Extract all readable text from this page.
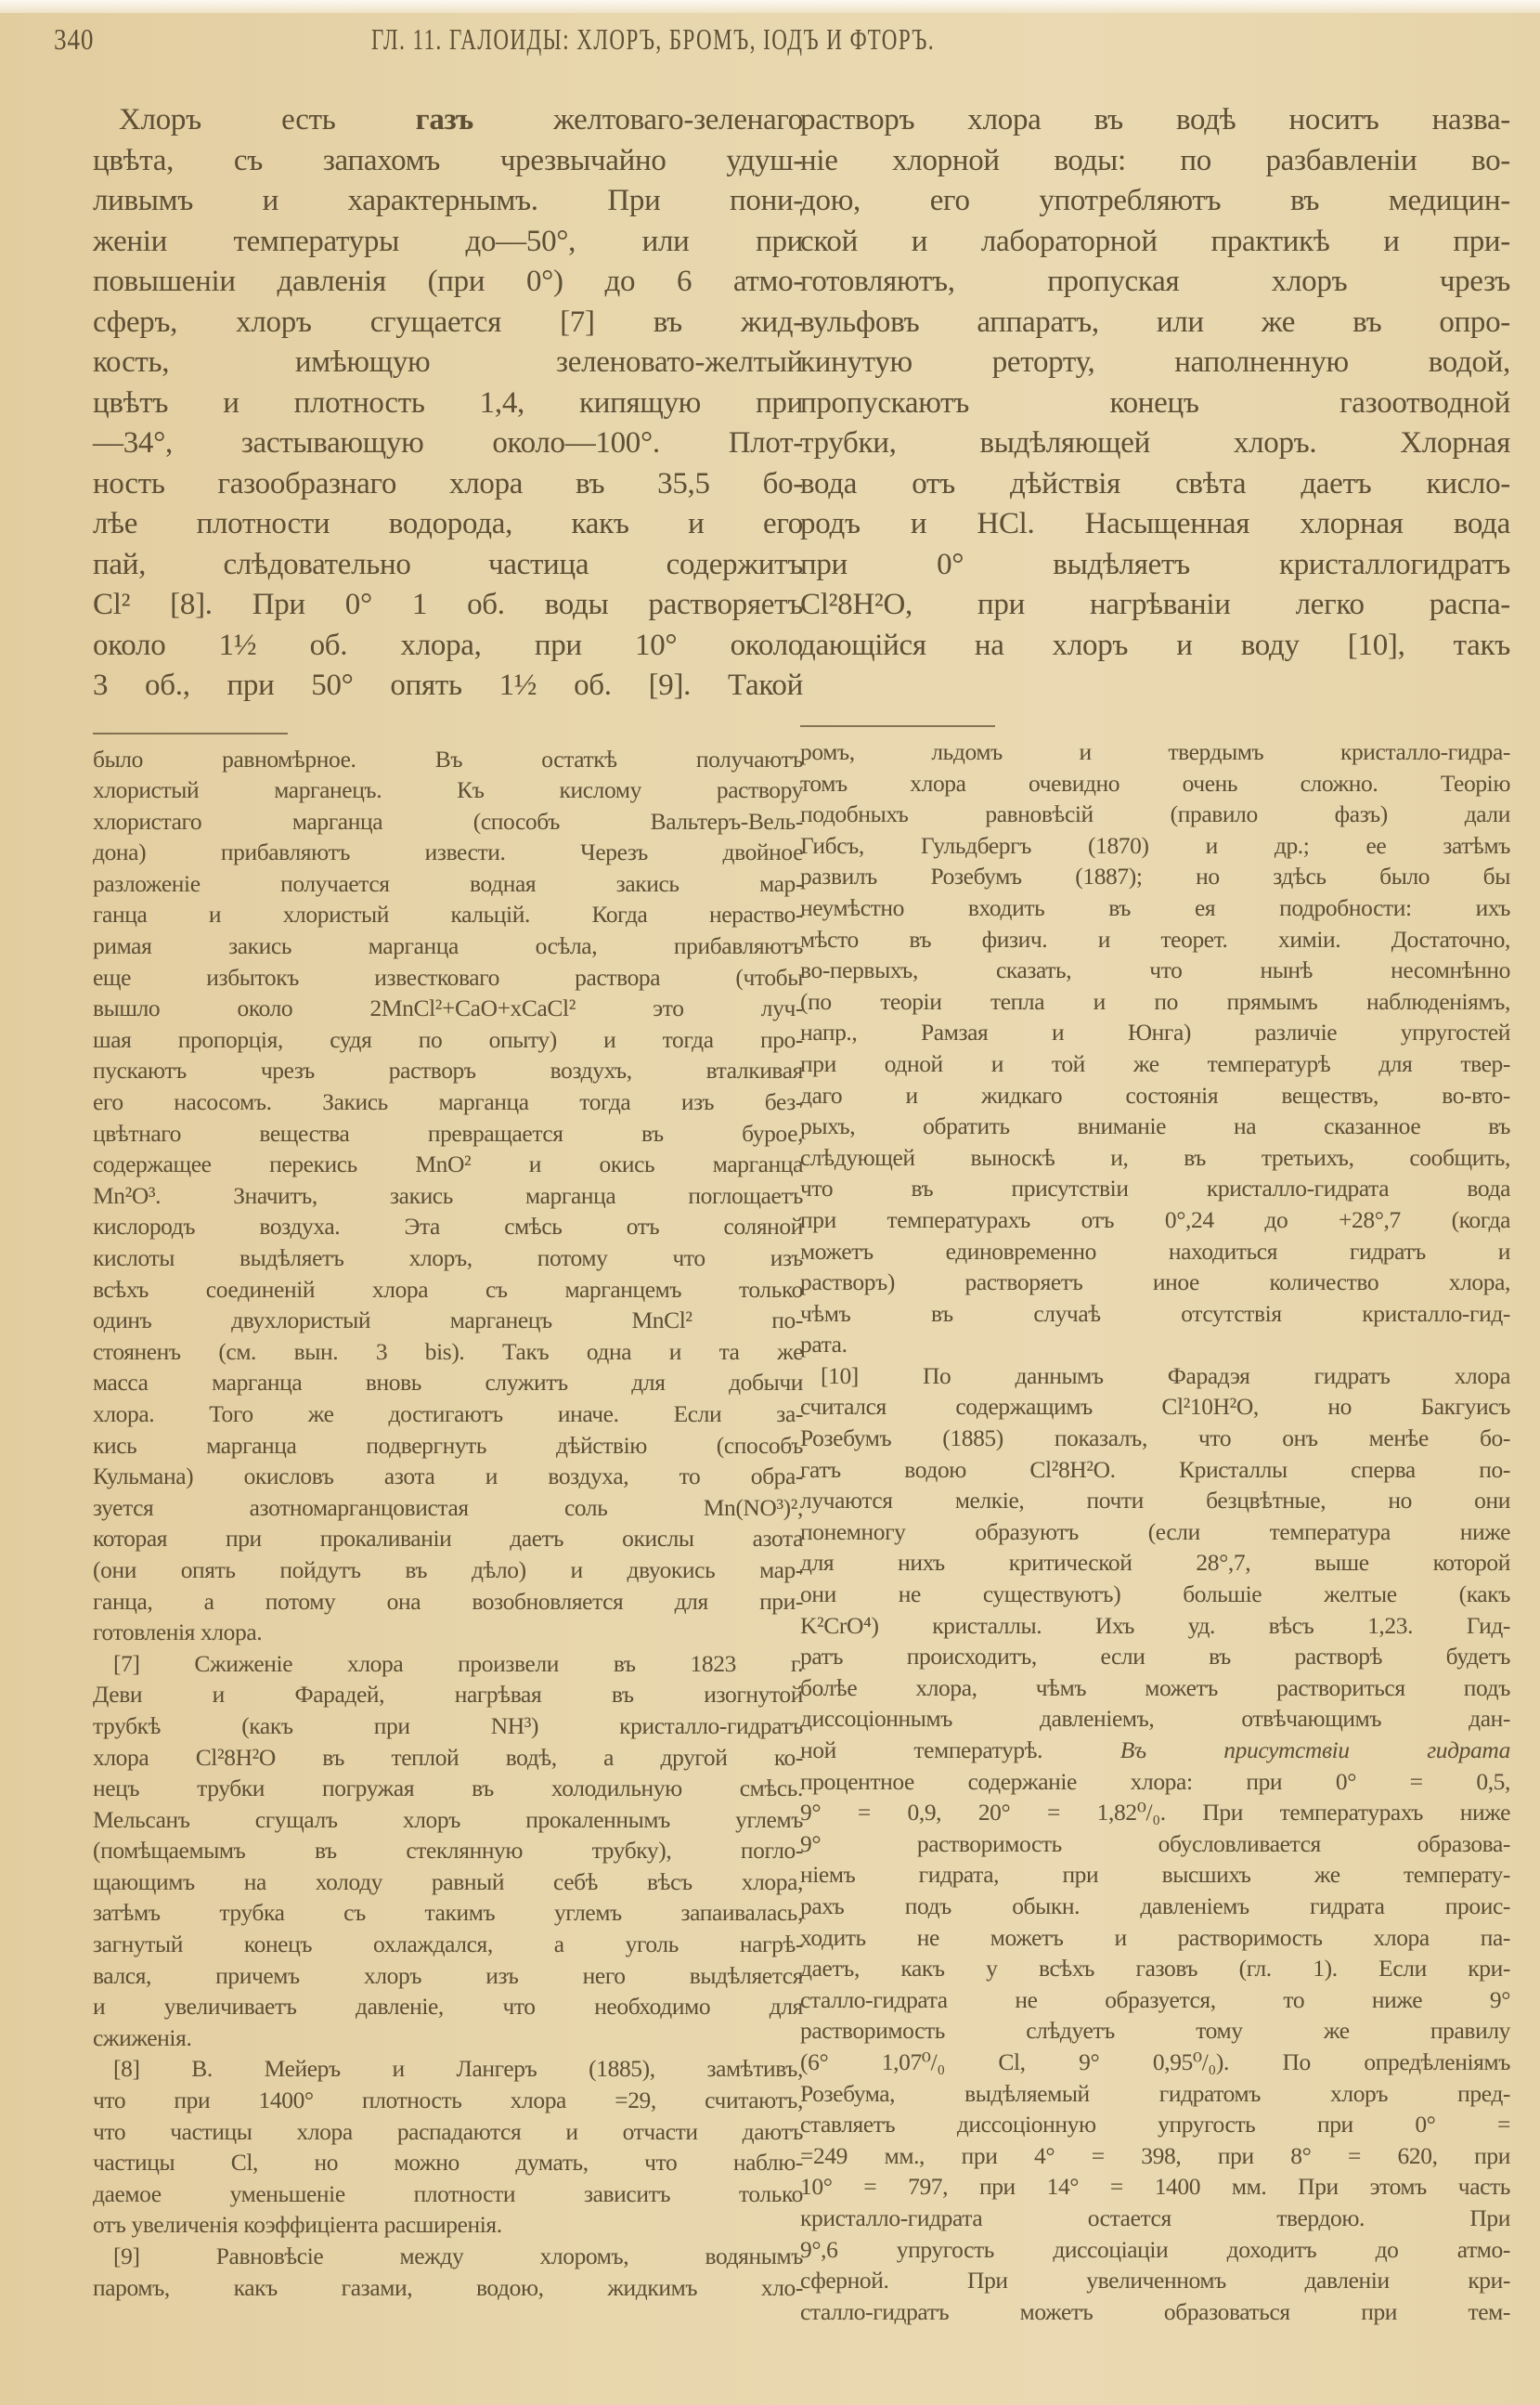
340	ГЛ. 11. ГАЛОИДЫ: ХЛОРЪ, БРОМЪ, ІОДЪ И ФТОРЪ.
Хлоръ есть газъ желтоваго-зеленаго
цвѣта, съ запахомъ чрезвычайно удуш-
ливымъ и характернымъ. При пони-
женіи температуры до—50°, или при
повышеніи давленія (при 0°) до 6 атмо-
сферъ, хлоръ сгущается [7] въ жид-
кость, имѣющую зеленовато-желтый
цвѣтъ и плотность 1,4, кипящую при
—34°, застывающую около—100°. Плот-
ность газообразнаго хлора въ 35,5 бо-
лѣе плотности водорода, какъ и его
пай, слѣдовательно частица содержитъ
Cl² [8]. При 0° 1 об. воды растворяетъ
около 1½ об. хлора, при 10° около
3 об., при 50° опять 1½ об. [9]. Такой
было равномѣрное. Въ остаткѣ получаютъ
хлористый марганецъ. Къ кислому раствору
хлористаго марганца (способъ Вальтеръ-Вель-
дона) прибавляютъ извести. Черезъ двойное
разложеніе получается водная закись мар-
ганца и хлористый кальцій. Когда нераство-
римая закись марганца осѣла, прибавляютъ
еще избытокъ известковаго раствора (чтобы
вышло около 2MnCl²+CaO+xCaCl² это луч-
шая пропорція, судя по опыту) и тогда про-
пускаютъ чрезъ растворъ воздухъ, вталкивая
его насосомъ. Закись марганца тогда изъ без-
цвѣтнаго вещества превращается въ бурое,
содержащее перекись MnO² и окись марганца
Mn²O³. Значитъ, закись марганца поглощаетъ
кислородъ воздуха. Эта смѣсь отъ соляной
кислоты выдѣляетъ хлоръ, потому что изъ
всѣхъ соединеній хлора съ марганцемъ только
одинъ двухлористый марганецъ MnCl² по-
стояненъ (см. вын. 3 bis). Такъ одна и та же
масса марганца вновь служитъ для добычи
хлора. Того же достигаютъ иначе. Если за-
кись марганца подвергнуть дѣйствію (способъ
Кульмана) окисловъ азота и воздуха, то обра-
зуется азотномарганцовистая соль Mn(NO³)²,
которая при прокаливаніи даетъ окислы азота
(они опять пойдутъ въ дѣло) и двуокись мар-
ганца, а потому она возобновляется для при-
готовленія хлора.
[7] Сжиженіе хлора произвели въ 1823 г.
Деви и Фарадей, нагрѣвая въ изогнутой
трубкѣ (какъ при NH³) кристалло-гидратъ
хлора Cl²8H²O въ теплой водѣ, а другой ко-
нецъ трубки погружая въ холодильную смѣсь.
Мельсанъ сгущалъ хлоръ прокаленнымъ углемъ
(помѣщаемымъ въ стеклянную трубку), погло-
щающимъ на холоду равный себѣ вѣсъ хлора,
затѣмъ трубка съ такимъ углемъ запаивалась,
загнутый конецъ охлаждался, а уголь нагрѣ-
вался, причемъ хлоръ изъ него выдѣляется
и увеличиваетъ давленіе, что необходимо для
сжиженія.
[8] В. Мейеръ и Лангеръ (1885), замѣтивъ,
что при 1400° плотность хлора =29, считаютъ,
что частицы хлора распадаются и отчасти даютъ
частицы Cl, но можно думать, что наблю-
даемое уменьшеніе плотности зависитъ только
отъ увеличенія коэффиціента расширенія.
[9] Равновѣсіе между хлоромъ, водянымъ
паромъ, какъ газами, водою, жидкимъ хло-
растворъ хлора въ водѣ носитъ назва-
ніе хлорной воды: по разбавленіи во-
дою, его употребляютъ въ медицин-
ской и лабораторной практикѣ и при-
готовляютъ, пропуская хлоръ чрезъ
вульфовъ аппаратъ, или же въ опро-
кинутую реторту, наполненную водой,
пропускаютъ конецъ газоотводной
трубки, выдѣляющей хлоръ. Хлорная
вода отъ дѣйствія свѣта даетъ кисло-
родъ и HCl. Насыщенная хлорная вода
при 0° выдѣляетъ кристаллогидратъ
Cl²8H²O, при нагрѣваніи легко распа-
дающійся на хлоръ и воду [10], такъ
ромъ, льдомъ и твердымъ кристалло-гидра-
томъ хлора очевидно очень сложно. Теорію
подобныхъ равновѣсій (правило фазъ) дали
Гибсъ, Гульдбергъ (1870) и др.; ее затѣмъ
развилъ Розебумъ (1887); но здѣсь было бы
неумѣстно входить въ ея подробности: ихъ
мѣсто въ физич. и теорет. химіи. Достаточно,
во-первыхъ, сказать, что нынѣ несомнѣнно
(по теоріи тепла и по прямымъ наблюденіямъ,
напр., Рамзая и Юнга) различіе упругостей
при одной и той же температурѣ для твер-
даго и жидкаго состоянія веществъ, во-вто-
рыхъ, обратить вниманіе на сказанное въ
слѣдующей выноскѣ и, въ третьихъ, сообщить,
что въ присутствіи кристалло-гидрата вода
при температурахъ отъ 0°,24 до +28°,7 (когда
можетъ единовременно находиться гидратъ и
растворъ) растворяетъ иное количество хлора,
чѣмъ въ случаѣ отсутствія кристалло-гид-
рата.
[10] По даннымъ Фарадэя гидратъ хлора
считался содержащимъ Cl²10H²O, но Бакгуисъ
Розебумъ (1885) показалъ, что онъ менѣе бо-
гатъ водою Cl²8H²O. Кристаллы сперва по-
лучаются мелкіе, почти безцвѣтные, но они
понемногу образуютъ (если температура ниже
для нихъ критической 28°,7, выше которой
они не существуютъ) большіе желтые (какъ
K²CrO⁴) кристаллы. Ихъ уд. вѣсъ 1,23. Гид-
ратъ происходитъ, если въ растворѣ будетъ
болѣе хлора, чѣмъ можетъ раствориться подъ
диссоціоннымъ давленіемъ, отвѣчающимъ дан-
ной температурѣ. Въ присутствіи гидрата
процентное содержаніе хлора: при 0° = 0,5,
9° = 0,9, 20° = 1,82⁰/₀. При температурахъ ниже
9° растворимость обусловливается образова-
ніемъ гидрата, при высшихъ же температу-
рахъ подъ обыкн. давленіемъ гидрата проис-
ходить не можетъ и растворимость хлора па-
даетъ, какъ у всѣхъ газовъ (гл. 1). Если кри-
сталло-гидрата не образуется, то ниже 9°
растворимость слѣдуетъ тому же правилу
(6° 1,07⁰/₀ Cl, 9° 0,95⁰/₀). По опредѣленіямъ
Розебума, выдѣляемый гидратомъ хлоръ пред-
ставляетъ диссоціонную упругость при 0° =
=249 мм., при 4° = 398, при 8° = 620, при
10° = 797, при 14° = 1400 мм. При этомъ часть
кристалло-гидрата остается твердою. При
9°,6 упругость диссоціаціи доходитъ до атмо-
сферной. При увеличенномъ давленіи кри-
сталло-гидратъ можетъ образоваться при тем-
